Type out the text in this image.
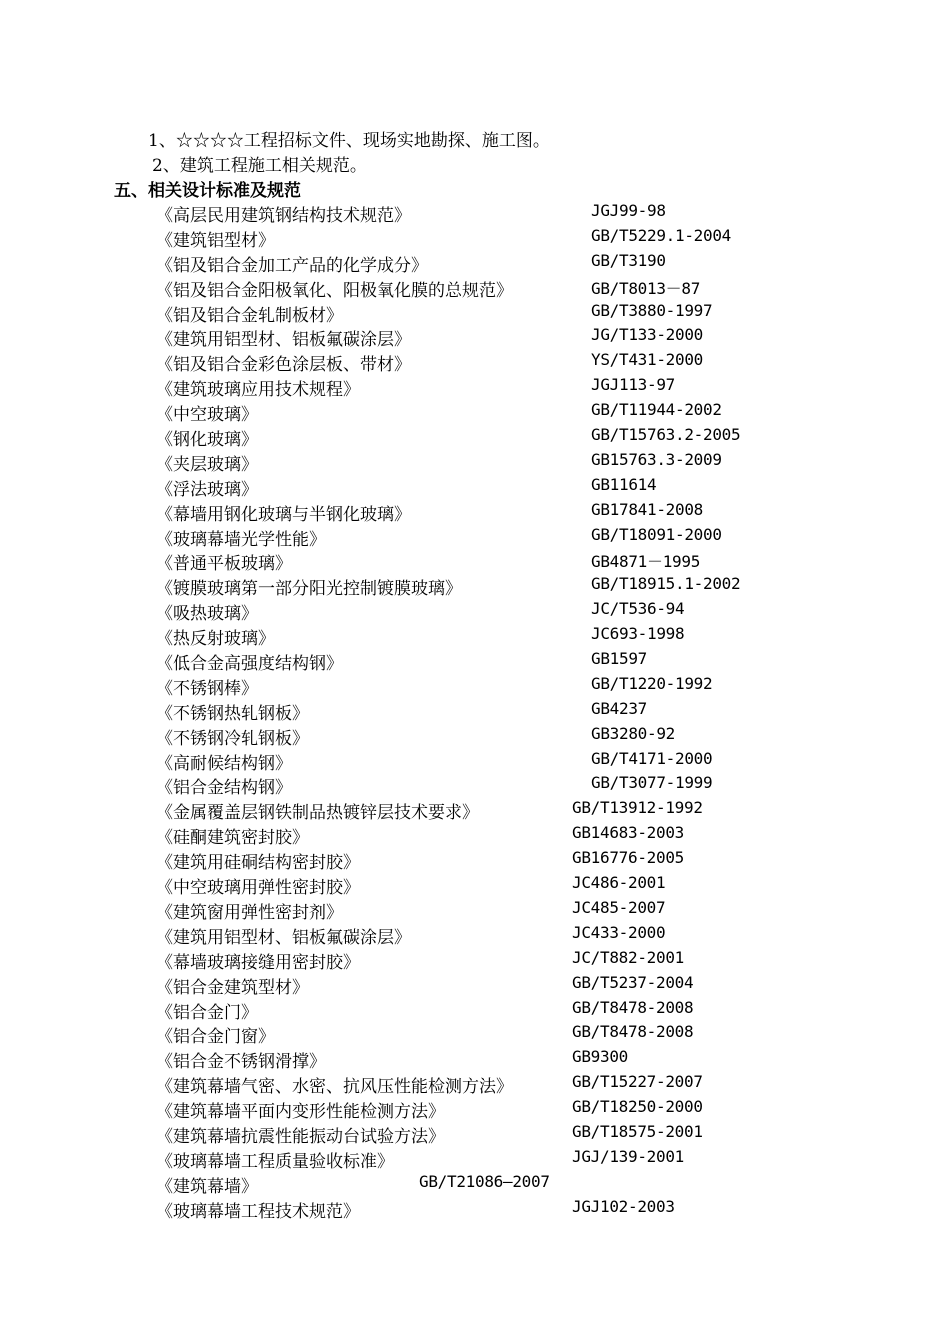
1、☆☆☆☆工程招标文件、现场实地勘探、施工图。
2、建筑工程施工相关规范。
五、相关设计标准及规范
《高层民用建筑钢结构技术规范》	JGJ99-98
《建筑铝型材》	GB/T5229.1-2004
《铝及铝合金加工产品的化学成分》	GB/T3190
《铝及铝合金阳极氧化、阳极氧化膜的总规范》	GB/T8013－87
《铝及铝合金轧制板材》	GB/T3880-1997
《建筑用铝型材、铝板氟碳涂层》	JG/T133-2000
《铝及铝合金彩色涂层板、带材》	YS/T431-2000
《建筑玻璃应用技术规程》	JGJ113-97
《中空玻璃》	GB/T11944-2002
《钢化玻璃》	GB/T15763.2-2005
《夹层玻璃》	GB15763.3-2009
《浮法玻璃》	GB11614
《幕墙用钢化玻璃与半钢化玻璃》	GB17841-2008
《玻璃幕墙光学性能》	GB/T18091-2000
《普通平板玻璃》	GB4871－1995
《镀膜玻璃第一部分阳光控制镀膜玻璃》	GB/T18915.1-2002
《吸热玻璃》	JC/T536-94
《热反射玻璃》	JC693-1998
《低合金高强度结构钢》	GB1597
《不锈钢棒》	GB/T1220-1992
《不锈钢热轧钢板》	GB4237
《不锈钢冷轧钢板》	GB3280-92
《高耐候结构钢》	GB/T4171-2000
《铝合金结构钢》	GB/T3077-1999
《金属覆盖层钢铁制品热镀锌层技术要求》	GB/T13912-1992
《硅酮建筑密封胶》	GB14683-2003
《建筑用硅硐结构密封胶》	GB16776-2005
《中空玻璃用弹性密封胶》	JC486-2001
《建筑窗用弹性密封剂》	JC485-2007
《建筑用铝型材、铝板氟碳涂层》	JC433-2000
《幕墙玻璃接缝用密封胶》	JC/T882-2001
《铝合金建筑型材》	GB/T5237-2004
《铝合金门》	GB/T8478-2008
《铝合金门窗》	GB/T8478-2008
《铝合金不锈钢滑撑》	GB9300
《建筑幕墙气密、水密、抗风压性能检测方法》	GB/T15227-2007
《建筑幕墙平面内变形性能检测方法》	GB/T18250-2000
《建筑幕墙抗震性能振动台试验方法》	GB/T18575-2001
《玻璃幕墙工程质量验收标准》	JGJ/139-2001
《建筑幕墙》	GB/T21086—2007
《玻璃幕墙工程技术规范》	JGJ102-2003
